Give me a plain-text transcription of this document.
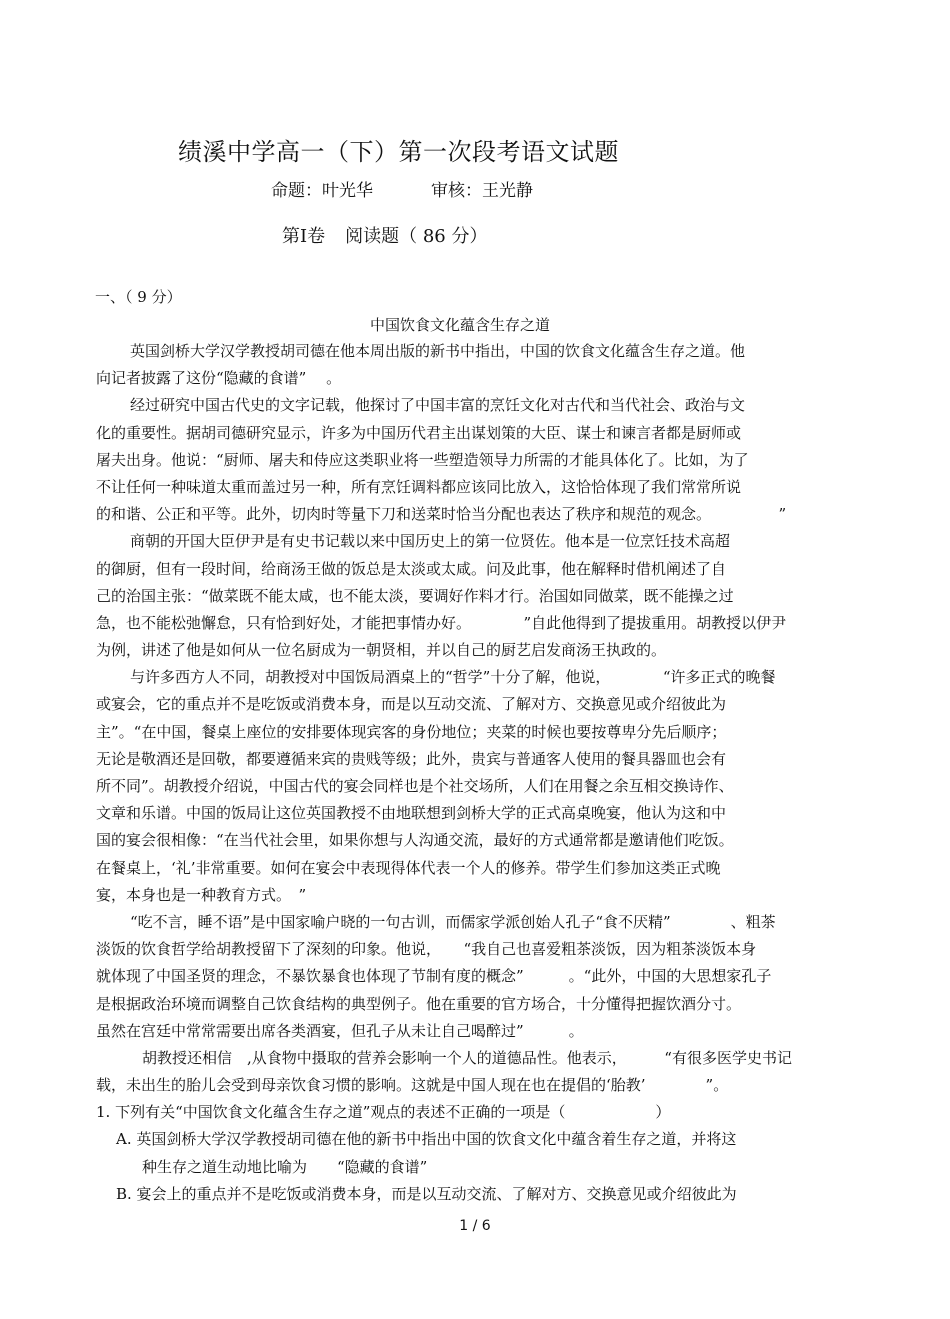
绩溪中学高一（下）第一次段考语文试题
命题：叶光华	审核：王光静
第Ⅰ卷 阅读题（ 86 分）
一、（ 9 分）
中国饮食文化蕴含生存之道
英国剑桥大学汉学教授胡司德在他本周出版的新书中指出，中国的饮食文化蕴含生存之道。他
向记者披露了这份“隐藏的食谱”　 。
经过研究中国古代史的文字记载，他探讨了中国丰富的烹饪文化对古代和当代社会、政治与文
化的重要性。据胡司德研究显示，许多为中国历代君主出谋划策的大臣、谋士和谏言者都是厨师或
屠夫出身。他说：“厨师、屠夫和侍应这类职业将一些塑造领导力所需的才能具体化了。比如，为了
不让任何一种味道太重而盖过另一种，所有烹饪调料都应该同比放入，这恰恰体现了我们常常所说
的和谐、公正和平等。此外，切肉时等量下刀和送菜时恰当分配也表达了秩序和规范的观念。　　　　　”
商朝的开国大臣伊尹是有史书记载以来中国历史上的第一位贤佐。他本是一位烹饪技术高超
的御厨，但有一段时间，给商汤王做的饭总是太淡或太咸。问及此事，他在解释时借机阐述了自
己的治国主张：“做菜既不能太咸，也不能太淡，要调好作料才行。治国如同做菜，既不能操之过
急，也不能松弛懈怠，只有恰到好处，才能把事情办好。　　　　”自此他得到了提拔重用。胡教授以伊尹
为例，讲述了他是如何从一位名厨成为一朝贤相，并以自己的厨艺启发商汤王执政的。
与许多西方人不同，胡教授对中国饭局酒桌上的“哲学”十分了解，他说，　　　　“许多正式的晚餐
或宴会，它的重点并不是吃饭或消费本身，而是以互动交流、了解对方、交换意见或介绍彼此为
主”。“在中国，餐桌上座位的安排要体现宾客的身份地位；夹菜的时候也要按尊卑分先后顺序；
无论是敬酒还是回敬，都要遵循来宾的贵贱等级；此外，贵宾与普通客人使用的餐具器皿也会有
所不同”。胡教授介绍说，中国古代的宴会同样也是个社交场所，人们在用餐之余互相交换诗作、
文章和乐谱。中国的饭局让这位英国教授不由地联想到剑桥大学的正式高桌晚宴，他认为这和中
国的宴会很相像：“在当代社会里，如果你想与人沟通交流，最好的方式通常都是邀请他们吃饭。
在餐桌上，‘礼’非常重要。如何在宴会中表现得体代表一个人的修养。带学生们参加这类正式晚
宴，本身也是一种教育方式。　”
“吃不言，睡不语”是中国家喻户晓的一句古训，而儒家学派创始人孔子“食不厌精”　　　　、粗茶
淡饭的饮食哲学给胡教授留下了深刻的印象。他说，　　“我自己也喜爱粗茶淡饭，因为粗茶淡饭本身
就体现了中国圣贤的理念，不暴饮暴食也体现了节制有度的概念”　　　。“此外，中国的大思想家孔子
是根据政治环境而调整自己饮食结构的典型例子。他在重要的官方场合，十分懂得把握饮酒分寸。
虽然在宫廷中常常需要出席各类酒宴，但孔子从未让自己喝醉过”　　　。
胡教授还相信　,从食物中摄取的营养会影响一个人的道德品性。他表示，　　　“有很多医学史书记
载，未出生的胎儿会受到母亲饮食习惯的影响。这就是中国人现在也在提倡的‘胎教’　　　　”。
1. 下列有关“中国饮食文化蕴含生存之道”观点的表述不正确的一项是（　　　　　　）
A. 英国剑桥大学汉学教授胡司德在他的新书中指出中国的饮食文化中蕴含着生存之道，并将这
种生存之道生动地比喻为　　“隐藏的食谱”
B. 宴会上的重点并不是吃饭或消费本身，而是以互动交流、了解对方、交换意见或介绍彼此为
1 / 6
